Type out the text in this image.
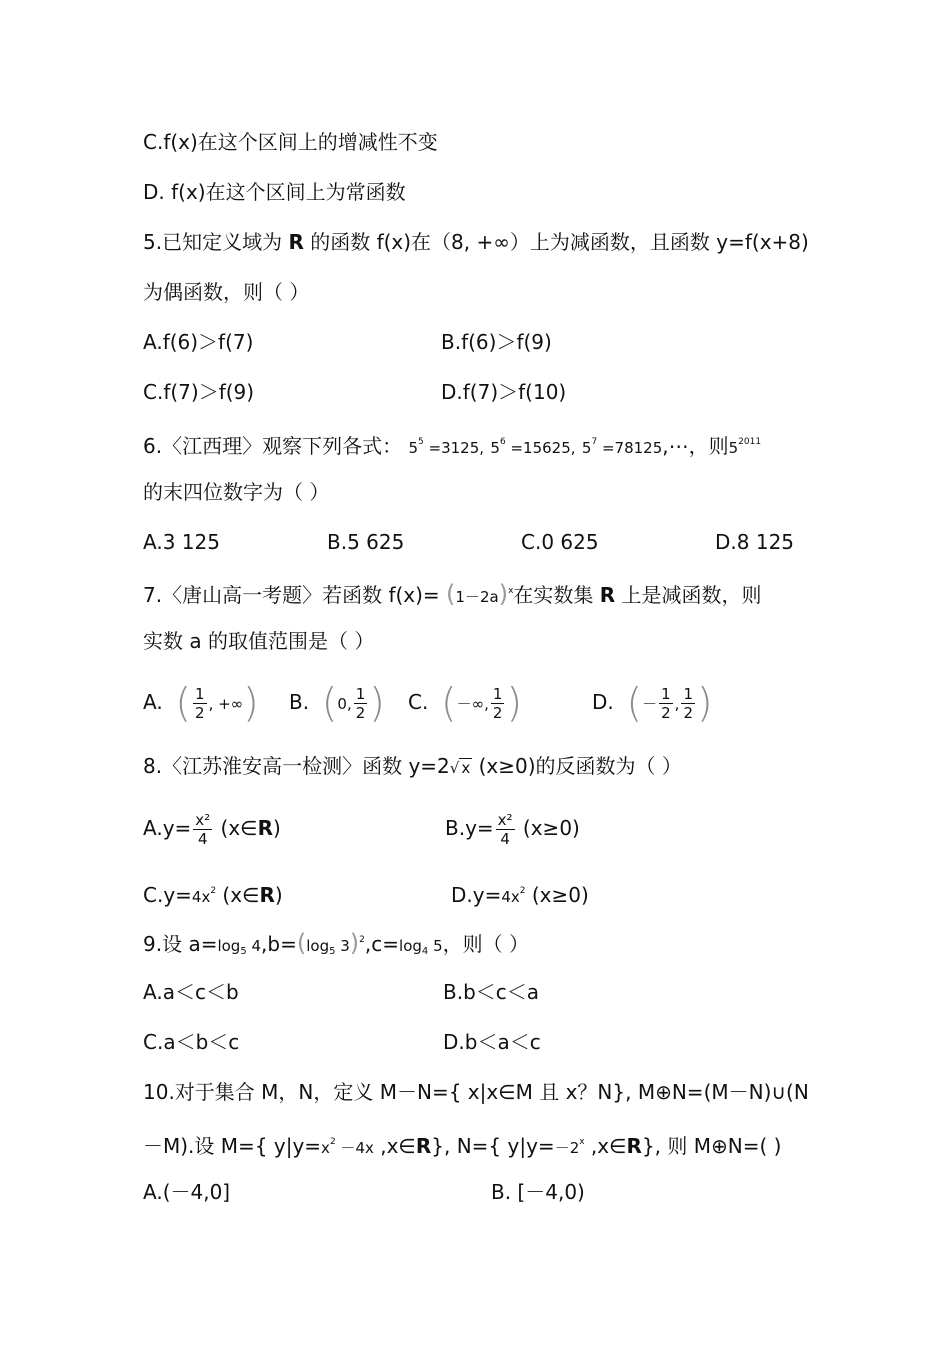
C.f(x)在这个区间上的增减性不变
D. f(x)在这个区间上为常函数
5.已知定义域为 R 的函数 f(x)在（8, +∞）上为减函数，且函数 y=f(x+8)
为偶函数，则（ ）
A.f(6)＞f(7)	B.f(6)＞f(9)
C.f(7)＞f(9)	D.f(7)＞f(10)
6.〈江西理〉观察下列各式： $5^5 =3125$, $5^6 =15625$, $5^7$ =78125,⋯，则$5^{2011}$
的末四位数字为（ ）
A.3 125	B.5 625	C.0 625	D.8 125
7.〈唐山高一考题〉若函数 $f(x)= (1-2a)^x$在实数集 R 上是减函数，则
实数 a 的取值范围是（ ）
A. ( $\frac{1}{2}$ , +∞) B. (0, $\frac{1}{2}$ ) C. (－∞, $\frac{1}{2}$ )	D. (－ $\frac{1}{2}$ , $\frac{1}{2}$ )
8.〈江苏淮安高一检测〉函数 y=2√ x (x≥0)的反函数为（ ）
$A.y= \frac{\text{x²}}{4}$ (x∈R)	$B.y= \frac{\text{x²}}{4} (x\ge 0)$
$C.y=4x^2$ (x∈R)	$D.y=4x^2$ (x≥0)
9.设 $a=\log_5$ $4,b=(\log_5$ $3)^2,c=\log_4$ 5，则（ ）
A.a＜c＜b	B.b＜c＜a
C.a＜b＜c	D.b＜a＜c
10.对于集合 M，N，定义 M－N={ x|x∈M 且 x？N}, M⊕N=(M－N)∪(N
－M).设 M={ $y|y=x^2 -4x$ ,x∈R}, N={ $y|y=-2^x$ ,x∈R}, 则 M⊕N=( )
A.(－4,0]	B. [－4,0)
